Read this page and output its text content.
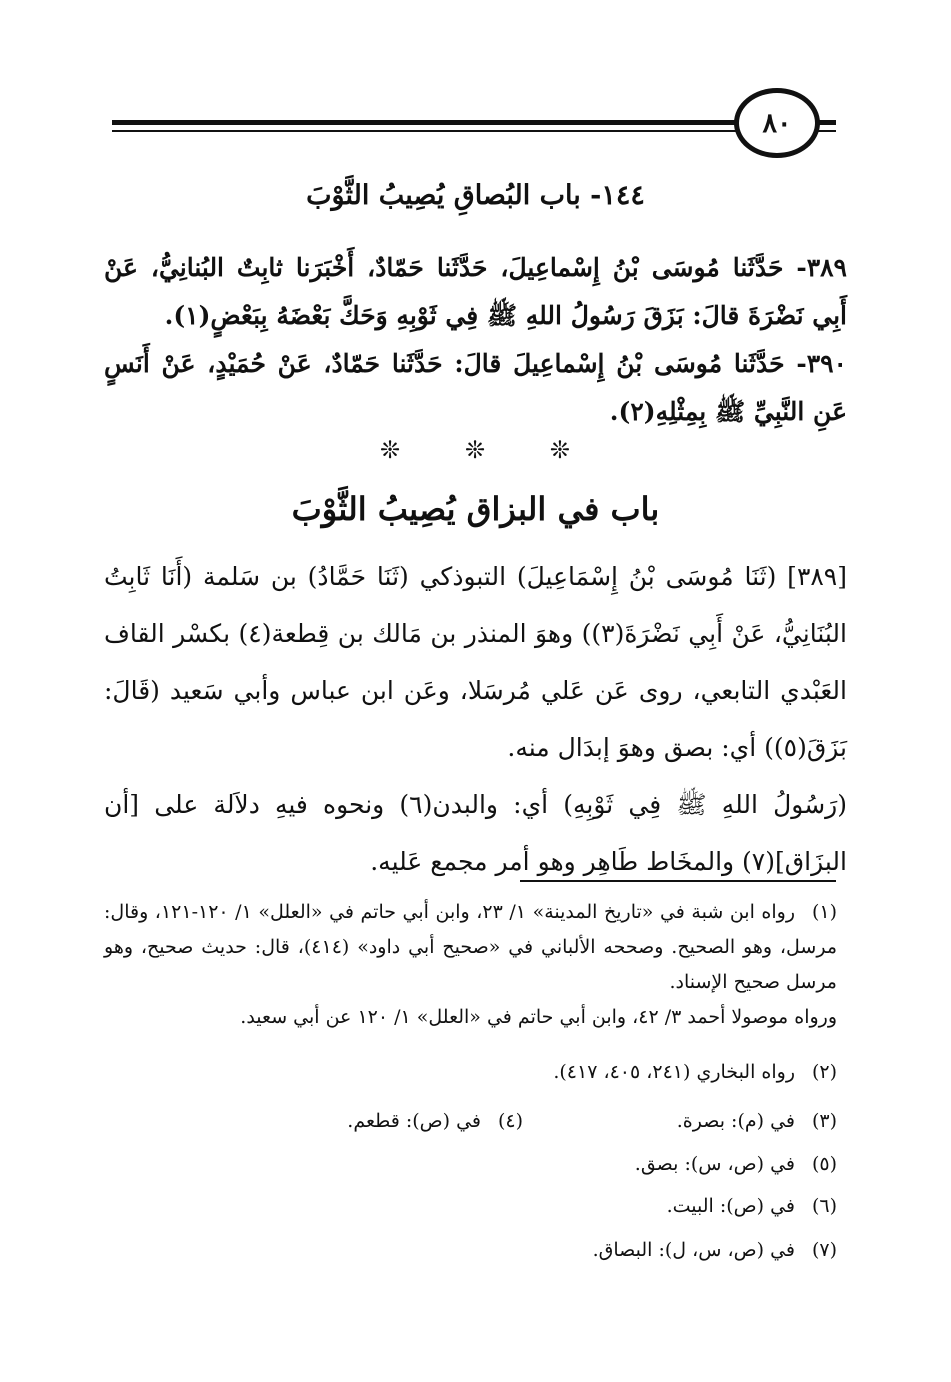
٨٠
١٤٤- باب البُصاقِ يُصِيبُ الثَّوْبَ
٣٨٩- حَدَّثَنا مُوسَى بْنُ إِسْماعِيلَ، حَدَّثَنا حَمّادٌ، أَخْبَرَنا ثابِتٌ البُنانِيُّ، عَنْ أَبِي نَضْرَةَ قالَ: بَزَقَ رَسُولُ اللهِ ﷺ فِي ثَوْبِهِ وَحَكَّ بَعْضَهُ بِبَعْضٍ(١).
٣٩٠- حَدَّثَنا مُوسَى بْنُ إِسْماعِيلَ قالَ: حَدَّثَنا حَمّادٌ، عَنْ حُمَيْدٍ، عَنْ أَنَسٍ عَنِ النَّبِيِّ ﷺ بِمِثْلِهِ(٢).
❊	❊	❊
باب في البزاق يُصِيبُ الثَّوْبَ

[٣٨٩] (ثَنَا مُوسَى بْنُ إِسْمَاعِيلَ) التبوذكي (ثَنَا حَمَّادُ) بن سَلمة (أَنَا ثَابِتُ البُنَانِيُّ، عَنْ أَبِي نَضْرَةَ(٣)) وهوَ المنذر بن مَالك بن قِطعة(٤) بكسْر القاف العَبْدي التابعي، روى عَن عَلي مُرسَلا، وعَن ابن عباس وأبي سَعيد (قَالَ: بَزَقَ(٥)) أي: بصق وهوَ إبدَال منه.

(رَسُولُ اللهِ ﷺ فِي ثَوْبِهِ) أي: والبدن(٦) ونحوه فيهِ دلاَلة على [أن البزَاق](٧) والمخَاط طَاهِر وهو أمر مجمع عَليه.

(١)رواه ابن شبة في «تاريخ المدينة» ١/ ٢٣، وابن أبي حاتم في «العلل» ١/ ١٢٠-١٢١، وقال: مرسل، وهو الصحيح. وصححه الألباني في «صحيح أبي داود» (٤١٤)، قال: حديث صحيح، وهو مرسل صحيح الإسناد.

ورواه موصولا أحمد ٣/ ٤٢، وابن أبي حاتم في «العلل» ١/ ١٢٠ عن أبي سعيد.

(٢)رواه البخاري (٢٤١، ٤٠٥، ٤١٧).
(٣)في (م): بصرة.
(٤)في (ص): قطعم.
(٥)في (ص، س): بصق.
(٦)في (ص): البيت.
(٧)في (ص، س، ل): البصاق.
